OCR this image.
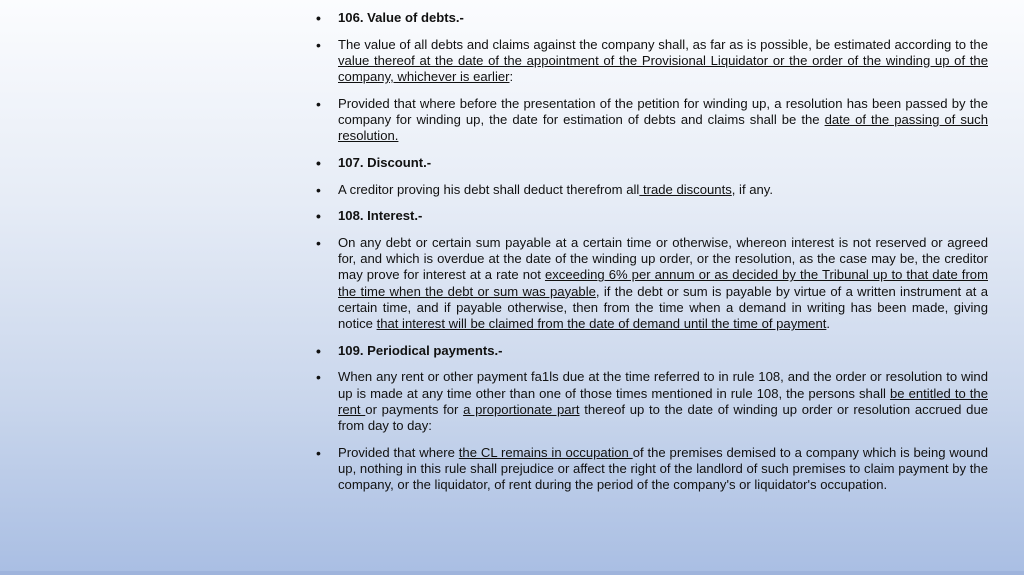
• 106. Value of debts.-
• The value of all debts and claims against the company shall, as far as is possible, be estimated according to the value thereof at the date of the appointment of the Provisional Liquidator or the order of the winding up of the company, whichever is earlier:
• Provided that where before the presentation of the petition for winding up, a resolution has been passed by the company for winding up, the date for estimation of debts and claims shall be the date of the passing of such resolution.
• 107. Discount.-
• A creditor proving his debt shall deduct therefrom all trade discounts, if any.
• 108. Interest.-
• On any debt or certain sum payable at a certain time or otherwise, whereon interest is not reserved or agreed for, and which is overdue at the date of the winding up order, or the resolution, as the case may be, the creditor may prove for interest at a rate not exceeding 6% per annum or as decided by the Tribunal up to that date from the time when the debt or sum was payable, if the debt or sum is payable by virtue of a written instrument at a certain time, and if payable otherwise, then from the time when a demand in writing has been made, giving notice that interest will be claimed from the date of demand until the time of payment.
• 109. Periodical payments.-
• When any rent or other payment fa1ls due at the time referred to in rule 108, and the order or resolution to wind up is made at any time other than one of those times mentioned in rule 108, the persons shall be entitled to the rent or payments for a proportionate part thereof up to the date of winding up order or resolution accrued due from day to day:
• Provided that where the CL remains in occupation of the premises demised to a company which is being wound up, nothing in this rule shall prejudice or affect the right of the landlord of such premises to claim payment by the company, or the liquidator, of rent during the period of the company's or liquidator's occupation.
